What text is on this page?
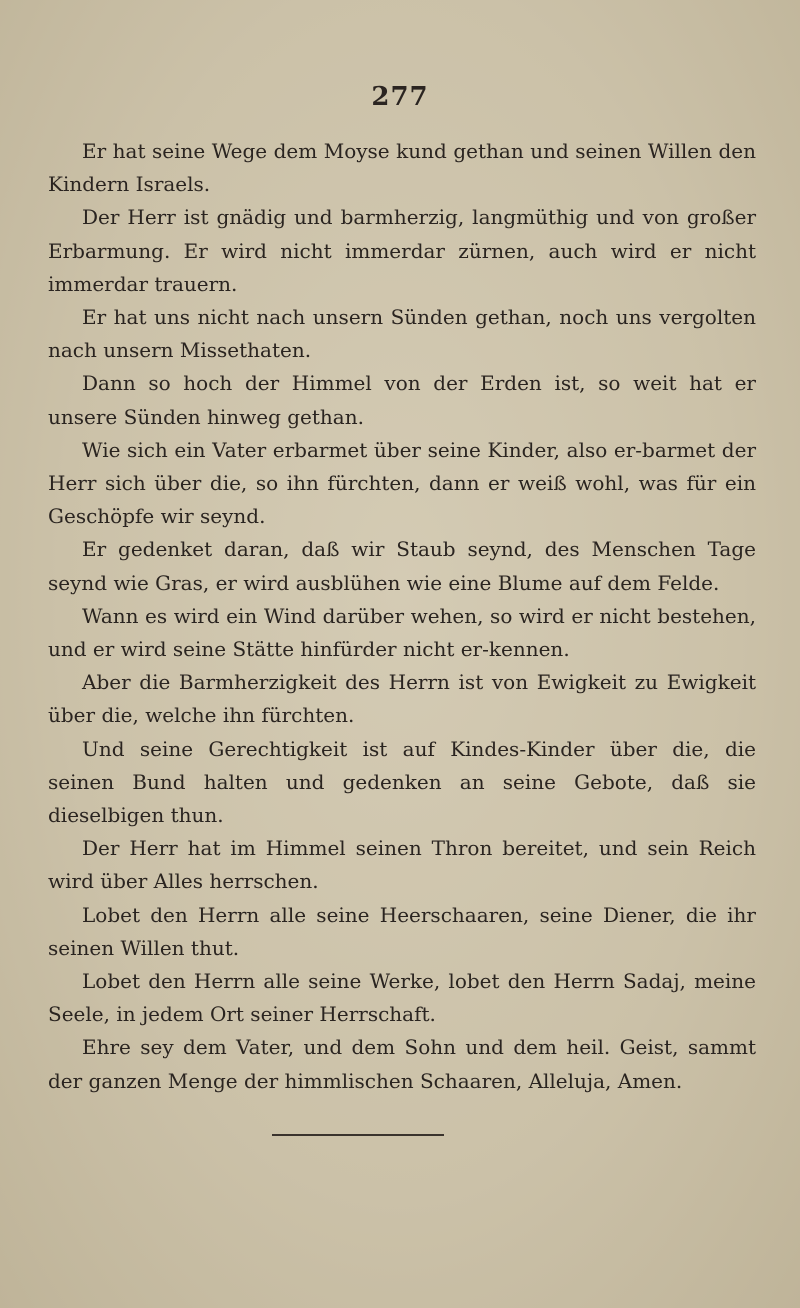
277

Er hat seine Wege dem Moyse kund gethan und seinen Willen den Kindern Israels.

Der Herr ist gnädig und barmherzig, langmüthig und von großer Erbarmung. Er wird nicht immerdar zürnen, auch wird er nicht immerdar trauern.

Er hat uns nicht nach unsern Sünden gethan, noch uns vergolten nach unsern Missethaten.

Dann so hoch der Himmel von der Erden ist, so weit hat er unsere Sünden hinweg gethan.

Wie sich ein Vater erbarmet über seine Kinder, also er-barmet der Herr sich über die, so ihn fürchten, dann er weiß wohl, was für ein Geschöpfe wir seynd.

Er gedenket daran, daß wir Staub seynd, des Menschen Tage seynd wie Gras, er wird ausblühen wie eine Blume auf dem Felde.

Wann es wird ein Wind darüber wehen, so wird er nicht bestehen, und er wird seine Stätte hinfürder nicht er-kennen.

Aber die Barmherzigkeit des Herrn ist von Ewigkeit zu Ewigkeit über die, welche ihn fürchten.

Und seine Gerechtigkeit ist auf Kindes-Kinder über die, die seinen Bund halten und gedenken an seine Gebote, daß sie dieselbigen thun.

Der Herr hat im Himmel seinen Thron bereitet, und sein Reich wird über Alles herrschen.

Lobet den Herrn alle seine Heerschaaren, seine Diener, die ihr seinen Willen thut.

Lobet den Herrn alle seine Werke, lobet den Herrn Sadaj, meine Seele, in jedem Ort seiner Herrschaft.

Ehre sey dem Vater, und dem Sohn und dem heil. Geist, sammt der ganzen Menge der himmlischen Schaaren, Alleluja, Amen.
